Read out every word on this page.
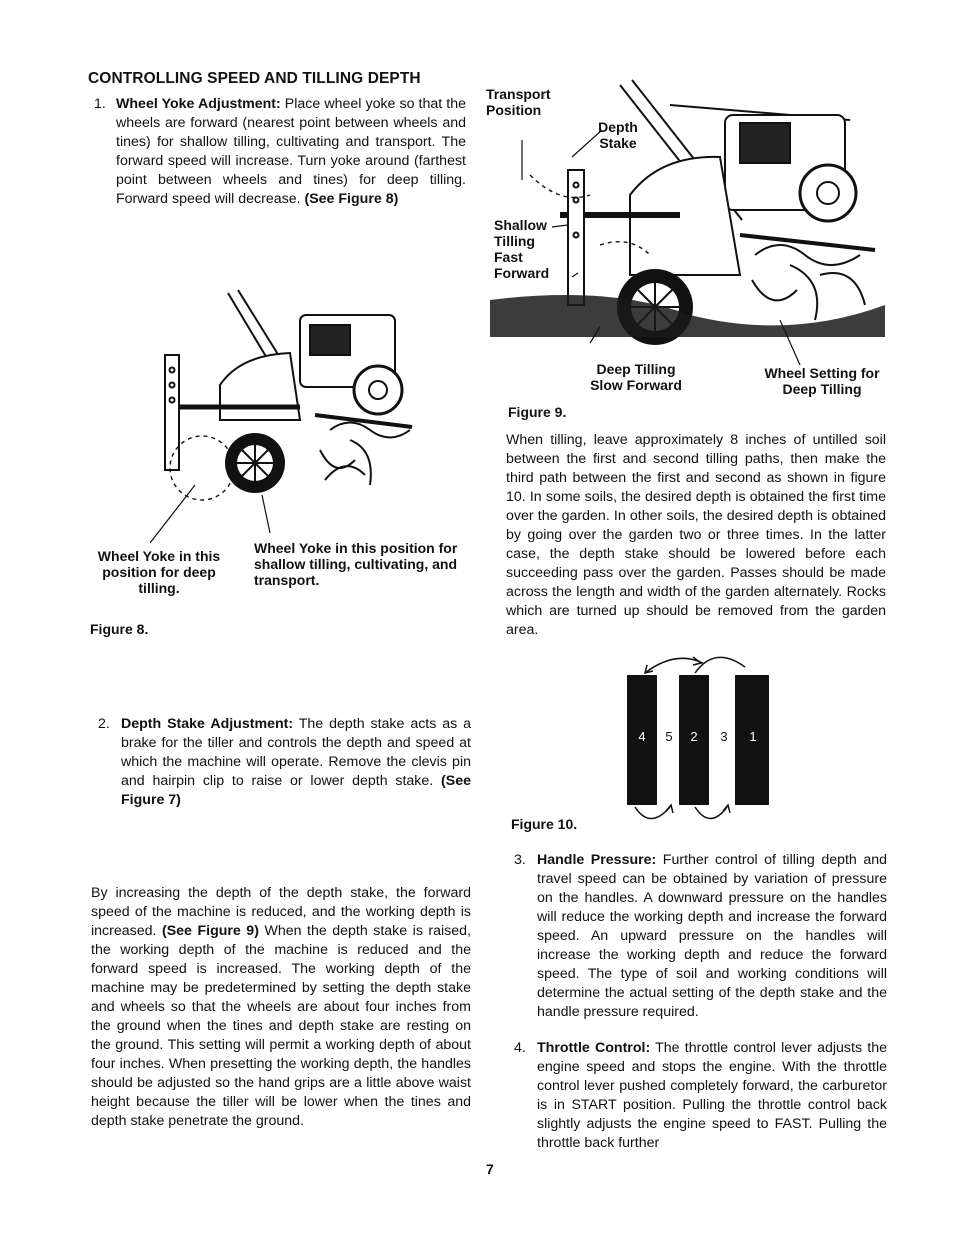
CONTROLLING SPEED AND TILLING DEPTH
1. Wheel Yoke Adjustment: Place wheel yoke so that the wheels are forward (nearest point between wheels and tines) for shallow tilling, cultivating and transport. The forward speed will increase. Turn yoke around (farthest point between wheels and tines) for deep tilling. Forward speed will decrease. (See Figure 8)

Wheel Yoke in this position for deep tilling.
Wheel Yoke in this position for shallow tilling, cultivating, and transport.
Figure 8.
2. Depth Stake Adjustment: The depth stake acts as a brake for the tiller and controls the depth and speed at which the machine will operate. Remove the clevis pin and hairpin clip to raise or lower depth stake. (See Figure 7)

By increasing the depth of the depth stake, the forward speed of the machine is reduced, and the working depth is increased. (See Figure 9) When the depth stake is raised, the working depth of the machine is reduced and the forward speed is increased. The working depth of the machine may be predetermined by setting the depth stake and wheels so that the wheels are about four inches from the ground when the tines and depth stake are resting on the ground. This setting will permit a working depth of about four inches. When presetting the working depth, the handles should be adjusted so the hand grips are a little above waist height because the tiller will be lower when the tines and depth stake penetrate the ground.

Transport Position
Depth Stake
Shallow Tilling Fast Forward
Deep Tilling Slow Forward
Wheel Setting for Deep Tilling
Figure 9.

When tilling, leave approximately 8 inches of untilled soil between the first and second tilling paths, then make the third path between the first and second as shown in figure 10. In some soils, the desired depth is obtained the first time over the garden. In other soils, the desired depth is obtained by going over the garden two or three times. In the latter case, the depth stake should be lowered before each succeeding pass over the garden. Passes should be made across the length and width of the garden alternately. Rocks which are turned up should be removed from the garden area.

4 5 2 3 1
Figure 10.
3. Handle Pressure: Further control of tilling depth and travel speed can be obtained by variation of pressure on the handles. A downward pressure on the handles will reduce the working depth and increase the forward speed. An upward pressure on the handles will increase the working depth and reduce the forward speed. The type of soil and working conditions will determine the actual setting of the depth stake and the handle pressure required.

4. Throttle Control: The throttle control lever adjusts the engine speed and stops the engine. With the throttle control lever pushed completely forward, the carburetor is in START position. Pulling the throttle control back slightly adjusts the engine speed to FAST. Pulling the throttle back further

7
